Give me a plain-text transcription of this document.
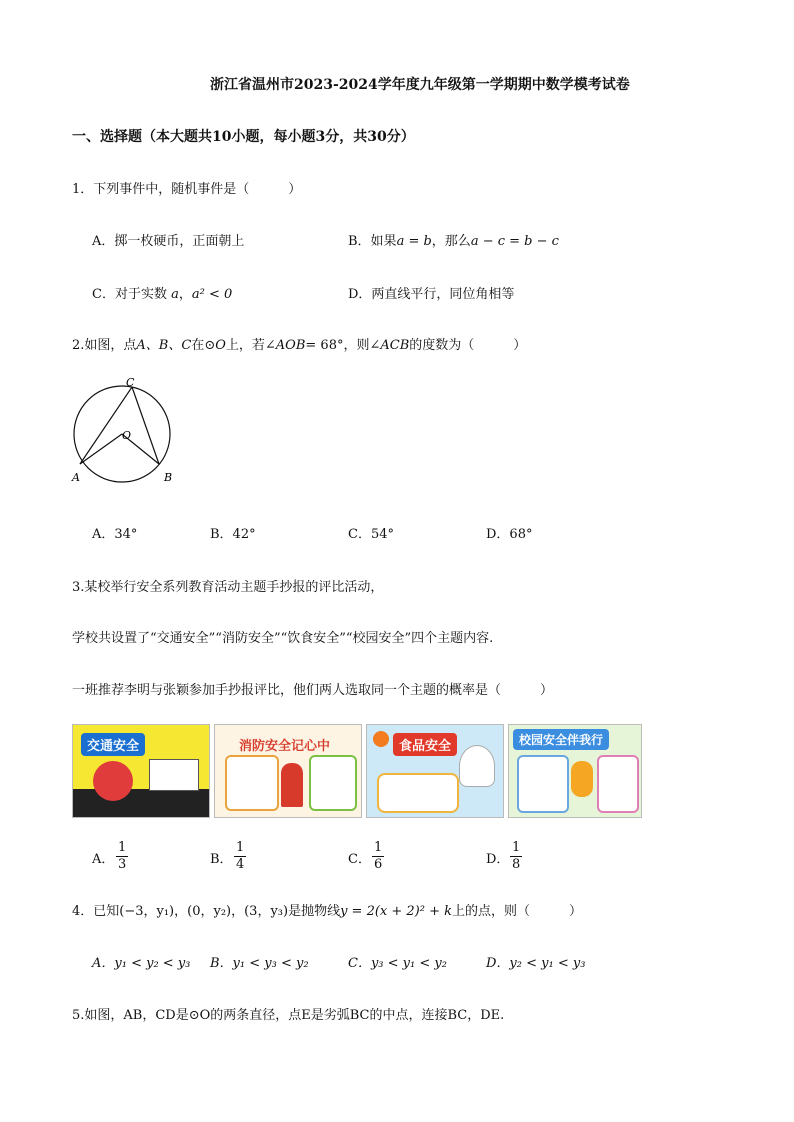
浙江省温州市2023-2024学年度九年级第一学期期中数学模考试卷
一、选择题（本大题共10小题，每小题3分，共30分）
1．下列事件中，随机事件是（　　　）
A．掷一枚硬币，正面朝上	B．如果a = b，那么a − c = b − c
C．对于实数 a，a² < 0	D．两直线平行，同位角相等
2.如图，点A、B、C在⊙O上，若∠AOB= 68°，则∠ACB的度数为（　　　）
C
O
A	B
A．34°	B．42°	C．54°	D．68°
3.某校举行安全系列教育活动主题手抄报的评比活动，
学校共设置了“交通安全”“消防安全”“饮食安全”“校园安全”四个主题内容.
一班推荐李明与张颖参加手抄报评比，他们两人选取同一个主题的概率是（　　　）
交通安全	消防安全记心中	食品安全	校园安全伴我行
A． $\frac{1}{3}$	B． $\frac{1}{4}$	C． $\frac{1}{6}$	D． $\frac{1}{8}$
4．已知(−3，y₁)，(0，y₂)，(3，y₃)是抛物线y = 2(x + 2)² + k上的点，则（　　　）
A．y₁ < y₂ < y₃ B．y₁ < y₃ < y₂	C．y₃ < y₁ < y₂	D．y₂ < y₁ < y₃
5.如图，AB，CD是⊙O的两条直径，点E是劣弧BC的中点，连接BC，DE.
